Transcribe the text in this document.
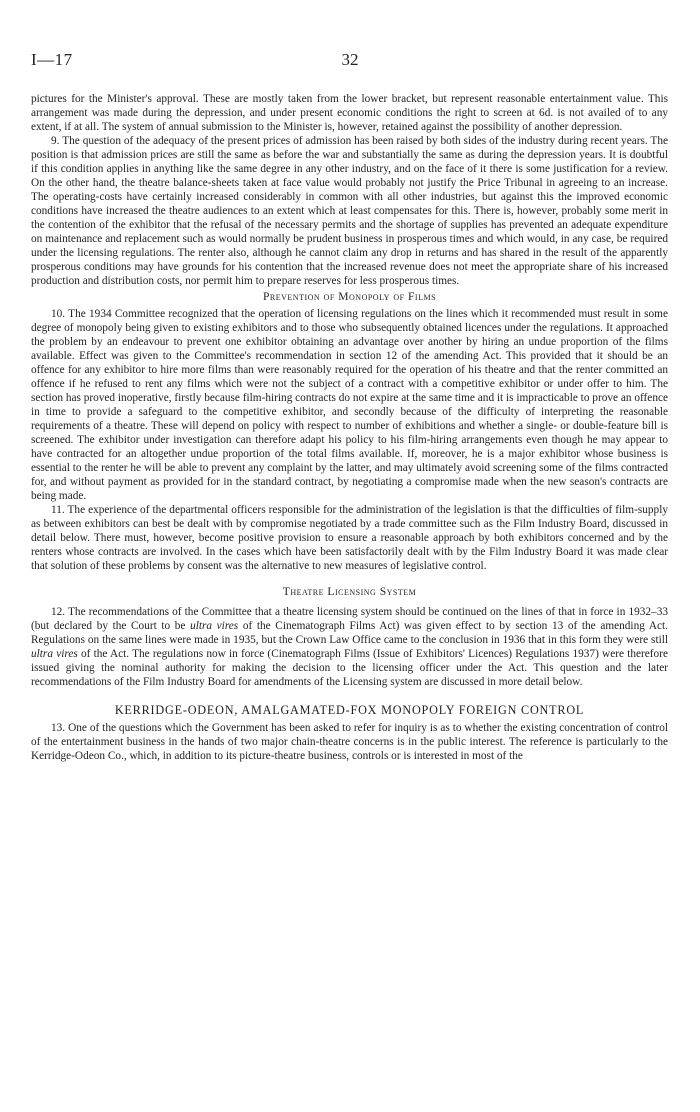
I—17	32

pictures for the Minister's approval. These are mostly taken from the lower bracket, but represent reasonable entertainment value. This arrangement was made during the depression, and under present economic conditions the right to screen at 6d. is not availed of to any extent, if at all. The system of annual submission to the Minister is, however, retained against the possibility of another depression.

9. The question of the adequacy of the present prices of admission has been raised by both sides of the industry during recent years. The position is that admission prices are still the same as before the war and substantially the same as during the depression years. It is doubtful if this condition applies in anything like the same degree in any other industry, and on the face of it there is some justification for a review. On the other hand, the theatre balance-sheets taken at face value would probably not justify the Price Tribunal in agreeing to an increase. The operating-costs have certainly increased considerably in common with all other industries, but against this the improved economic conditions have increased the theatre audiences to an extent which at least compensates for this. There is, however, probably some merit in the contention of the exhibitor that the refusal of the necessary permits and the shortage of supplies has prevented an adequate expenditure on maintenance and replacement such as would normally be prudent business in prosperous times and which would, in any case, be required under the licensing regulations. The renter also, although he cannot claim any drop in returns and has shared in the result of the apparently prosperous conditions may have grounds for his contention that the increased revenue does not meet the appropriate share of his increased production and distribution costs, nor permit him to prepare reserves for less prosperous times.

Prevention of Monopoly of Films

10. The 1934 Committee recognized that the operation of licensing regulations on the lines which it recommended must result in some degree of monopoly being given to existing exhibitors and to those who subsequently obtained licences under the regulations. It approached the problem by an endeavour to prevent one exhibitor obtaining an advantage over another by hiring an undue proportion of the films available. Effect was given to the Committee's recommendation in section 12 of the amending Act. This provided that it should be an offence for any exhibitor to hire more films than were reasonably required for the operation of his theatre and that the renter committed an offence if he refused to rent any films which were not the subject of a contract with a competitive exhibitor or under offer to him. The section has proved inoperative, firstly because film-hiring contracts do not expire at the same time and it is impracticable to prove an offence in time to provide a safeguard to the competitive exhibitor, and secondly because of the difficulty of interpreting the reasonable requirements of a theatre. These will depend on policy with respect to number of exhibitions and whether a single- or double-feature bill is screened. The exhibitor under investigation can therefore adapt his policy to his film-hiring arrangements even though he may appear to have contracted for an altogether undue proportion of the total films available. If, moreover, he is a major exhibitor whose business is essential to the renter he will be able to prevent any complaint by the latter, and may ultimately avoid screening some of the films contracted for, and without payment as provided for in the standard contract, by negotiating a compromise made when the new season's contracts are being made.

11. The experience of the departmental officers responsible for the administration of the legislation is that the difficulties of film-supply as between exhibitors can best be dealt with by compromise negotiated by a trade committee such as the Film Industry Board, discussed in detail below. There must, however, become positive provision to ensure a reasonable approach by both exhibitors concerned and by the renters whose contracts are involved. In the cases which have been satisfactorily dealt with by the Film Industry Board it was made clear that solution of these problems by consent was the alternative to new measures of legislative control.

Theatre Licensing System

12. The recommendations of the Committee that a theatre licensing system should be continued on the lines of that in force in 1932–33 (but declared by the Court to be ultra vires of the Cinematograph Films Act) was given effect to by section 13 of the amending Act. Regulations on the same lines were made in 1935, but the Crown Law Office came to the conclusion in 1936 that in this form they were still ultra vires of the Act. The regulations now in force (Cinematograph Films (Issue of Exhibitors' Licences) Regulations 1937) were therefore issued giving the nominal authority for making the decision to the licensing officer under the Act. This question and the later recommendations of the Film Industry Board for amendments of the Licensing system are discussed in more detail below.

KERRIDGE-ODEON, AMALGAMATED-FOX MONOPOLY FOREIGN CONTROL

13. One of the questions which the Government has been asked to refer for inquiry is as to whether the existing concentration of control of the entertainment business in the hands of two major chain-theatre concerns is in the public interest. The reference is particularly to the Kerridge-Odeon Co., which, in addition to its picture-theatre business, controls or is interested in most of the
